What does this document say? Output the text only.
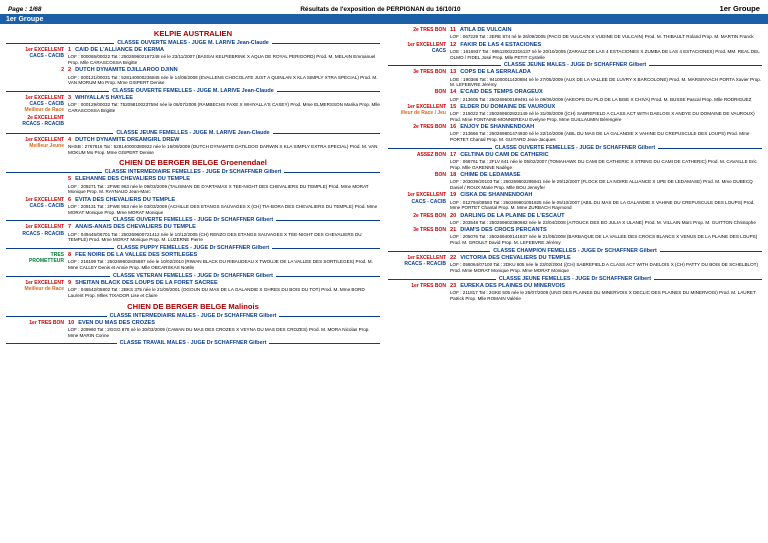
Page : 1/68	Résultats de l'exposition de PERPIGNAN du 16/10/10	1er Groupe
1er Groupe
KELPIE AUSTRALIEN
CLASSE OUVERTE MALES - JUGE M. LARIVE Jean-Claude
1er EXCELLENT
CACS - CACIB
1 CAID DE L'ALLIANCE DE KERMA
LOF : 000065/00022 Tat : 250269602187248 né le 23/11/2007 (BASSAI KELPIEBRINK X AQUA DE ROYAL PERIGORD) Prod. M. MELAIN Emmanuel Prop. Mlle CARASCOSSA Brigitte
2 2 DUTCH DYNAMITE DJILLAROO DJINN
LOF : 000121/00031 Tat : 528140000236845 née le 14/06/2006 (EVALLENS CHOCOLATE JUST A QUINLAN X KLA SIMPLY XTRA SPECIAL) Prod. M. VAN MORUM Mo Prop. Mme GISPERT Denise
CLASSE OUVERTE FEMELLES - JUGE M. LARIVE Jean-Claude
1er EXCELLENT
CACS - CACIB
Meilleur de Race
3 WHIYALLA'S HAYLEE
LOF : 000129/00032 Tat: 752098100237594 née le 06/07/2008 (RAMBECHS FAXE X WHIYALLA'S CASEY) Prod. Mme ELMERSSON Marika Prop. Mlle CARASCOSSA Brigitte
2e EXCELLENT
RCACS - RCACIB
CLASSE JEUNE FEMELLES - JUGE M. LARIVE Jean-Claude
1er EXCELLENT
Meilleur Jeune
4 DUTCH DYNAMITE DREAMGIRL DREW
NHSB : 2767616 Tat : 528140000380922 née le 16/09/2009 (DUTCH DYNAMITE DATILDOO DARWIN X KLA SIMPLY EXTRA SPECIAL) Prod. M. VAN MOKUM Mo Prop. Mme GISPERT Denise
CHIEN DE BERGER BELGE Groenendael
CLASSE INTERMEDIAIRE FEMELLES - JUGE Dr SCHAFFNER Gilbert
5 ELEHANNE DES CHEVALIERS DU TEMPLE
LOF : 209271 Tat : 2FWE 963 née le 09/03/2009 (TALISMAN DE D'ARTAMAS X TEE-NIGHT DES CHEVALIERS DU TEMPLE) Prod. Mme MORAT Monique Prop. M. RAYNAUD Jean-Marc
1er EXCELLENT
CACS - CACIB
6 EVITA DES CHEVALIERS DU TEMPLE
LOF : 209131 Tat : 2FWE 953 née le 03/03/2009 (ACHILLE DES ETANGS SAUVAGES X (CH) TIA-BORA DES CHEVALIERS DU TEMPLE) Prod. Mme MORAT Monique Prop. Mme MORAT Monique
CLASSE OUVERTE FEMELLES - JUGE Dr SCHAFFNER Gilbert
1er EXCELLENT
RCACS - RCACIB
7 ANAIS-ANAIS DES CHEVALIERS DU TEMPLE
LOF : 049445/06701 Tat : 250269600721412 née le 10/12/2005 (CH) RENZO DES ETANGS SAUVAGES X TEE-NIGHT DES CHEVALIERS DU TEMPLE) Prod. Mme MORAT Monique Prop. M. LUZERNE Pierre
CLASSE PUPPY FEMELLES - JUGE Dr SCHAFFNER Gilbert
TRES
PROMETTEUR
8 FEE NOIRE DE LA VALLEE DES SORTILEGES
LOF : 216199 Tat : 250269602835887 née le 10/02/2010 (RIWAN BLACK DU RIBAUDEAU X TWOUJE DE LA VALLEE DES SORTILEGES) Prod. M. Mme CALLEY Denis et Annie Prop. Mlle OBCARSKAS Noëlle
CLASSE VETERAN FEMELLES - JUGE Dr SCHAFFNER Gilbert
1er EXCELLENT
Meilleur de Race
9 SHEITAN BLACK DES LOUPS DE LA FORET SACREE
LOF : 046542/05802 Tat : 2BKS 375 née le 21/09/2001 (OGOUN DU MAS DE LA GALANDIE X GHRES DU BOIS DU TOT) Prod. M. Mme BORD Laurent Prop. Mlles TIXADOR Lise et Claire
CHIEN DE BERGER BELGE Malinois
CLASSE INTERMEDIAIRE MALES - JUGE Dr SCHAFFNER Gilbert
1er TRES BON 10 EVEN DU MAS DES CROZES
LOF : 209960 Tat : 2GGG 878 né le 30/03/2009 (CAWAN DU MAS DES CROZES X VEYNA DU MAS DES CROZES) Prod. M. MORA Nicolas Prop. Mme MARIN Corine
CLASSE TRAVAIL MALES - JUGE Dr SCHAFFNER Gilbert
2e TRES BON 11 ATILA DE VULCAIN
LOF : 067229 Tat : 2ERE 874 né le 26/09/2005 (PACO DE VULCAIN X VUDINE DE VULCAIN) Prod. M. THIBAULT Roland Prop. M. MARTIN Franck
1er EXCELLENT
CACS
12 FAKIR DE LAS 4 ESTACIONES
LOE : 1616937 Tat : 985120022316137 né le 20/10/2005 (ZARAUZ DE LAS 4 ESTACIONES X ZUMBA DE LAS 4 ESTACIONES) Prod. MM. REAL DEL OLMO / FIDEL José Prop. Mlle PETIT Cystelle
CLASSE JEUNE MALES - JUGE Dr SCHAFFNER Gilbert
3e TRES BON 13 COPS DE LA SERRALADA
LOE : 190366 Tat : 941000011420884 né le 27/05/2009 (AUX DE LA VALLEE DE LUVRY X BARCOLONE) Prod. M. MARSINYACH PORTA Xavier Prop. M. LEFEBVRE Jérémy
BON 14 E'CAID DES TEMPS ORAGEUX
LOF : 213605 Tat : 250269500189491 né le 09/06/2009 (AKEOPS DU PLO DE LA BISE X CHIVA) Prod. M. BUSSE Pascal Prop. Mlle RODRIGUEZ
1er EXCELLENT
illeur de Race / Jeu
15 ELDER DU DOMAINE DE VAUROUX
LOF : 215022 Tat : 250269602822149 né le 31/08/2009 ((CH) SABREFIELD A CLASS ACT WITH DAELOIS X ANDYE DU DOMAINE DE VAUROUX) Prod. Mme FONTAINE-MONNEREAU Evelyne Prop. Mme GUILLAUMIN Bérengère
2e TRES BON 16 ENJOY DE SHANNENDOAH
LOF : 213666 Tat : 250269801474930 né le 22/10/2009 (ABIL DU MAS DE LA GALANDIE X VAHINE DU CREPUSCULE DES LOUPS) Prod. Mme PORTET Chantal Prop. M. GUITARD Jean-Jacques
CLASSE OUVERTE FEMELLES - JUGE Dr SCHAFFNER Gilbert
ASSEZ BON 17 CELTINA DU CAMI DE CATHERIC
LOF : 068761 Tat : 2FLV 641 née le 05/02/2007 (TOMAHAWK DU CAMI DE CATHERIC X STRING DU CAMI DE CATHERIC) Prod. M. CAVAILLE Eric Prop. Mlle GARENNE Nadège
BON 18 CHIME DE LEDAMASE
LOF : 203039/20103 Tat : 250269602295941 née le 29/12/2007 (FLOCK DE LA NOIRE ALLIANCE X UPE DE LEDAMASE) Prod. M. Mme DUBECQ Daniel / ROUX Marie Prop. Mlle BOU Jennyfer
1er EXCELLENT
CACS - CACIB
19 CISKA DE SHANNENDOAH
LOF : 012794/08583 Tat : 250269801091825 née le 05/10/2007 (ABIL DU MAS DE LA GALANDIE X VAHINE DU CREPUSCULE DES LOUPS) Prod. Mme PORTET Chantal Prop. M. Mme ZURBACH Raymond
2e TRES BON 20 DARLING DE LA PLAINE DE L'ESCAUT
LOF : 203548 Tat : 250269602380682 née le 23/04/2008 (AITOUCK DES BO JULIA X ULANE) Prod. M. VILLAIN Marc Prop. M. GUITTON Christophe
3e TRES BON 21 DIAM'S DES CROCS PERCANTS
LOF : 205076 Tat : 250269400141837 née le 21/05/2008 (BARBAQUE DE LA VALLEE DES CROCS BLANCS X VENUS DE LA PLAINE DES LOUPS) Prod. M. GROULT David Prop. M. LEFEBVRE Jérémy
CLASSE CHAMPION FEMELLES - JUGE Dr SCHAFFNER Gilbert
1er EXCELLENT
RCACS - RCACIB
22 VICTORIA DES CHEVALIERS DU TEMPLE
LOF : 058064/07100 Tat : 2DKU 805 née le 23/02/2004 ((CH) SABREFIELD A CLASS ACT WITH DAELOIS X (CH) PATTY DU BOIS DE SCHELBLOT) Prod. Mme MORAT Monique Prop. Mme MORAT Monique
CLASSE JEUNE FEMELLES - JUGE Dr SCHAFFNER Gilbert
1er TRES BON 23 EUREKA DES PLAINES DU MINERVOIS
LOF : 211817 Tat : 2GKE 505 née le 25/07/2009 (UNO DES PLAINES DU MINERVOIS X DECLIC DES PLAINES DU MINERVOIS) Prod. M. LAURET Patrick Prop. Mlle ROMAIN Valérie
